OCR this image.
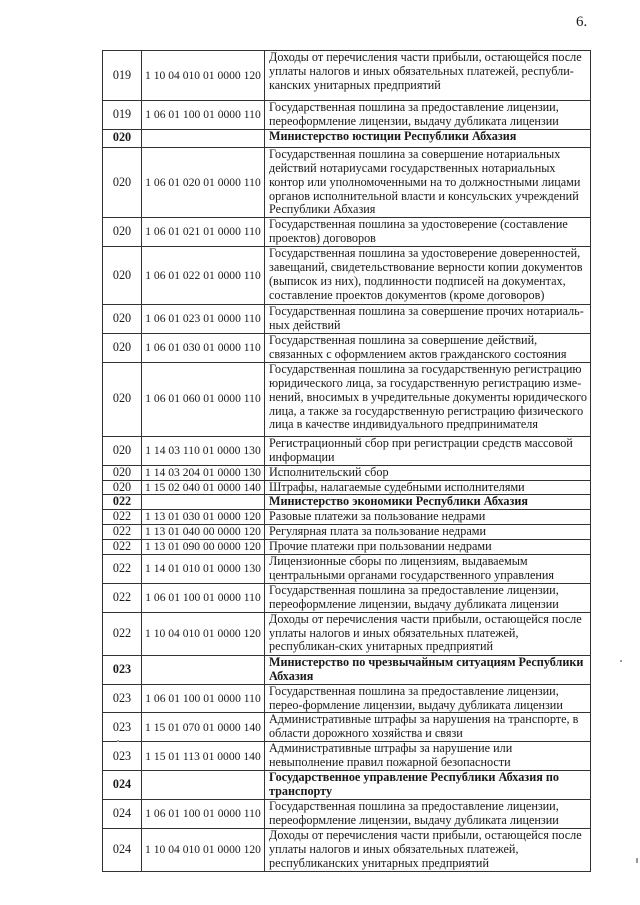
6.
019	1 10 04 010 01 0000 120	Доходы от перечисления части прибыли, остающейся после уплаты налогов и иных обязательных платежей, республи-канских унитарных предприятий
019	1 06 01 100 01 0000 110	Государственная пошлина за предоставление лицензии, переоформление лицензии, выдачу дубликата лицензии
020		Министерство юстиции Республики Абхазия
020	1 06 01 020 01 0000 110	Государственная пошлина за совершение нотариальных действий нотариусами государственных нотариальных контор или уполномоченными на то должностными лицами органов исполнительной власти и консульских учреждений Республики Абхазия
020	1 06 01 021 01 0000 110	Государственная пошлина за удостоверение (составление проектов) договоров
020	1 06 01 022 01 0000 110	Государственная пошлина за удостоверение доверенностей, завещаний, свидетельствование верности копии документов (выписок из них), подлинности подписей на документах, составление проектов документов (кроме договоров)
020	1 06 01 023 01 0000 110	Государственная пошлина за совершение прочих нотариаль-ных действий
020	1 06 01 030 01 0000 110	Государственная пошлина за совершение действий, связанных с оформлением актов гражданского состояния
020	1 06 01 060 01 0000 110	Государственная пошлина за государственную регистрацию юридического лица, за государственную регистрацию изме-нений, вносимых в учредительные документы юридического лица, а также за государственную регистрацию физического лица в качестве индивидуального предпринимателя
020	1 14 03 110 01 0000 130	Регистрационный сбор при регистрации средств массовой информации
020	1 14 03 204 01 0000 130	Исполнительский сбор
020	1 15 02 040 01 0000 140	Штрафы, налагаемые судебными исполнителями
022		Министерство экономики Республики Абхазия
022	1 13 01 030 01 0000 120	Разовые платежи за пользование недрами
022	1 13 01 040 00 0000 120	Регулярная плата за пользование недрами
022	1 13 01 090 00 0000 120	Прочие платежи при пользовании недрами
022	1 14 01 010 01 0000 130	Лицензионные сборы по лицензиям, выдаваемым центральными органами государственного управления
022	1 06 01 100 01 0000 110	Государственная пошлина за предоставление лицензии, переоформление лицензии, выдачу дубликата лицензии
022	1 10 04 010 01 0000 120	Доходы от перечисления части прибыли, остающейся после уплаты налогов и иных обязательных платежей, республикан-ских унитарных предприятий
023		Министерство по чрезвычайным ситуациям Республики Абхазия
023	1 06 01 100 01 0000 110	Государственная пошлина за предоставление лицензии, перео-формление лицензии, выдачу дубликата лицензии
023	1 15 01 070 01 0000 140	Административные штрафы за нарушения на транспорте, в области дорожного хозяйства и связи
023	1 15 01 113 01 0000 140	Административные штрафы за нарушение или невыполнение правил пожарной безопасности
024		Государственное управление Республики Абхазия по транспорту
024	1 06 01 100 01 0000 110	Государственная пошлина за предоставление лицензии, переоформление лицензии, выдачу дубликата лицензии
024	1 10 04 010 01 0000 120	Доходы от перечисления части прибыли, остающейся после уплаты налогов и иных обязательных платежей, республиканских унитарных предприятий
